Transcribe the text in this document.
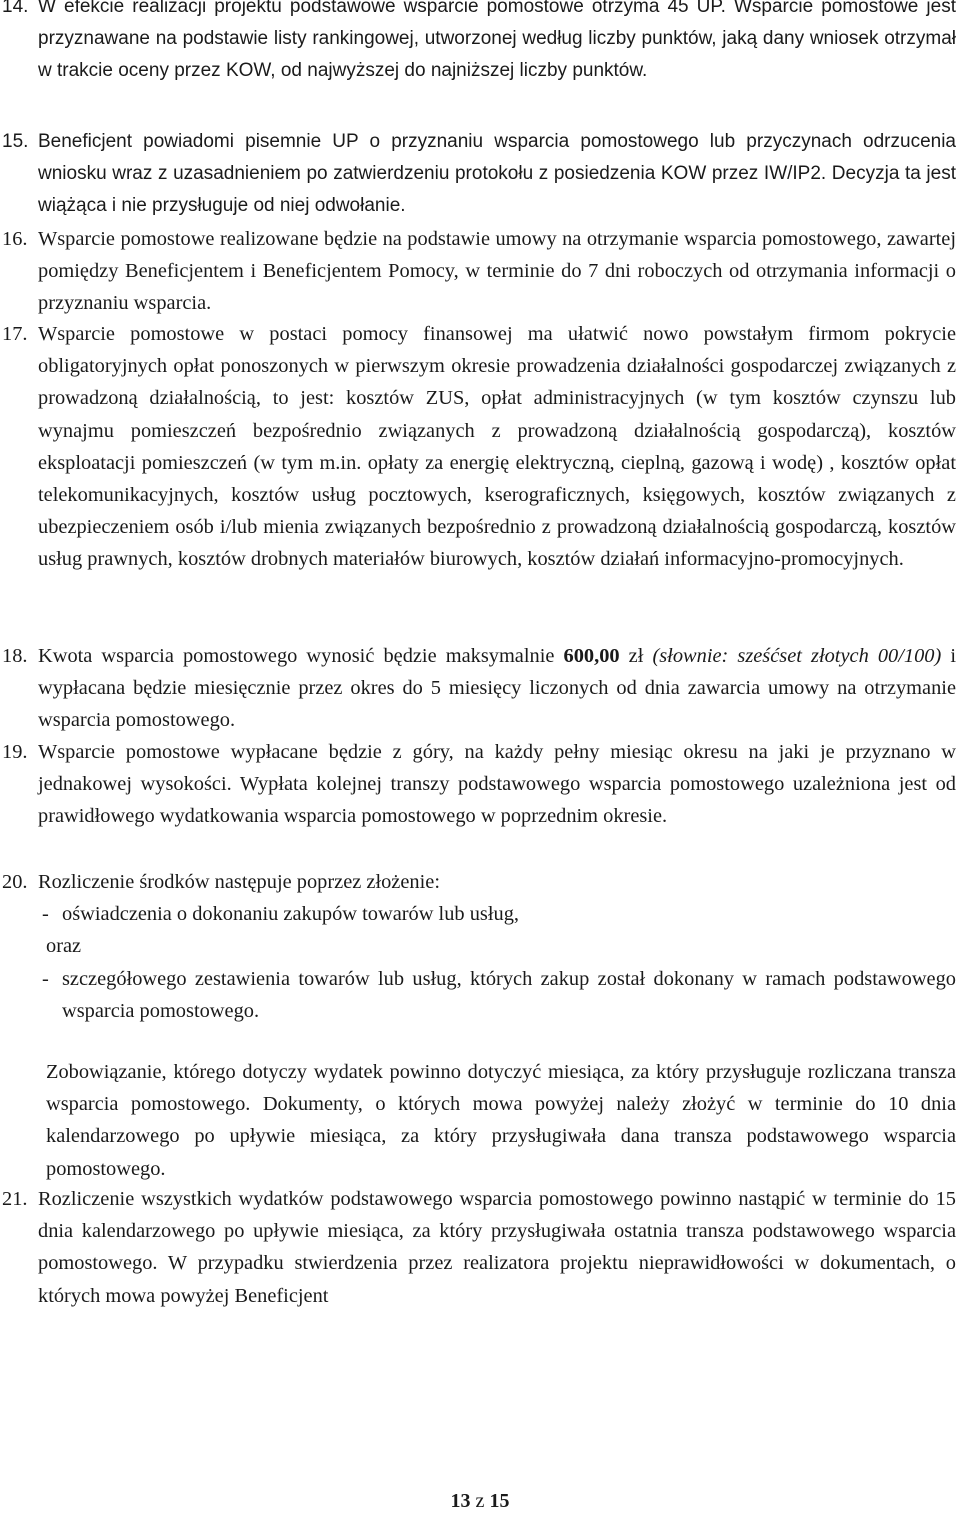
14. W efekcie realizacji projektu podstawowe wsparcie pomostowe otrzyma 45 UP. Wsparcie pomostowe jest przyznawane na podstawie listy rankingowej, utworzonej według liczby punktów, jaką dany wniosek otrzymał w trakcie oceny przez KOW, od najwyższej do najniższej liczby punktów.
15. Beneficjent powiadomi pisemnie UP o przyznaniu wsparcia pomostowego lub przyczynach odrzucenia wniosku wraz z uzasadnieniem po zatwierdzeniu protokołu z posiedzenia KOW przez IW/IP2. Decyzja ta jest wiążąca i nie przysługuje od niej odwołanie.
16. Wsparcie pomostowe realizowane będzie na podstawie umowy na otrzymanie wsparcia pomostowego, zawartej pomiędzy Beneficjentem i Beneficjentem Pomocy, w terminie do 7 dni roboczych od otrzymania informacji o przyznaniu wsparcia.
17. Wsparcie pomostowe w postaci pomocy finansowej ma ułatwić nowo powstałym firmom pokrycie obligatoryjnych opłat ponoszonych w pierwszym okresie prowadzenia działalności gospodarczej związanych z prowadzoną działalnością, to jest: kosztów ZUS, opłat administracyjnych (w tym kosztów czynszu lub wynajmu pomieszczeń bezpośrednio związanych z prowadzoną działalnością gospodarczą), kosztów eksploatacji pomieszczeń (w tym m.in. opłaty za energię elektryczną, cieplną, gazową i wodę) , kosztów opłat telekomunikacyjnych, kosztów usług pocztowych, kserograficznych, księgowych, kosztów związanych z ubezpieczeniem osób i/lub mienia związanych bezpośrednio z prowadzoną działalnością gospodarczą, kosztów usług prawnych, kosztów drobnych materiałów biurowych, kosztów działań informacyjno-promocyjnych.
18. Kwota wsparcia pomostowego wynosić będzie maksymalnie 600,00 zł (słownie: sześćset złotych 00/100) i wypłacana będzie miesięcznie przez okres do 5 miesięcy liczonych od dnia zawarcia umowy na otrzymanie wsparcia pomostowego.
19. Wsparcie pomostowe wypłacane będzie z góry, na każdy pełny miesiąc okresu na jaki je przyznano w jednakowej wysokości. Wypłata kolejnej transzy podstawowego wsparcia pomostowego uzależniona jest od prawidłowego wydatkowania wsparcia pomostowego w poprzednim okresie.
20. Rozliczenie środków następuje poprzez złożenie:
- oświadczenia o dokonaniu zakupów towarów lub usług,
oraz
- szczegółowego zestawienia towarów lub usług, których zakup został dokonany w ramach podstawowego wsparcia pomostowego.
Zobowiązanie, którego dotyczy wydatek powinno dotyczyć miesiąca, za który przysługuje rozliczana transza wsparcia pomostowego. Dokumenty, o których mowa powyżej należy złożyć w terminie do 10 dnia kalendarzowego po upływie miesiąca, za który przysługiwała dana transza podstawowego wsparcia pomostowego.
21. Rozliczenie wszystkich wydatków podstawowego wsparcia pomostowego powinno nastąpić w terminie do 15 dnia kalendarzowego po upływie miesiąca, za który przysługiwała ostatnia transza podstawowego wsparcia pomostowego. W przypadku stwierdzenia przez realizatora projektu nieprawidłowości w dokumentach, o których mowa powyżej Beneficjent
13 z 15
